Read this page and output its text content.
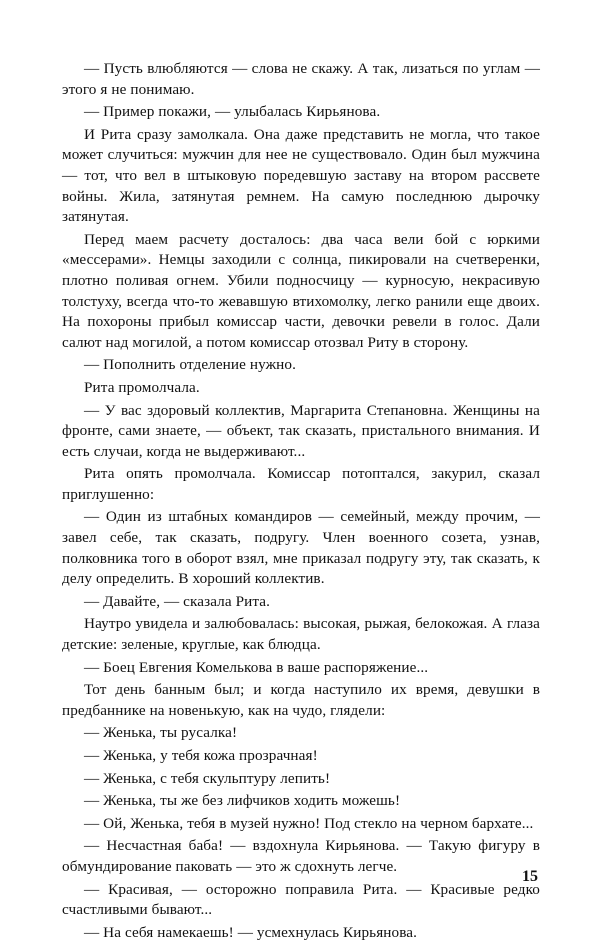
— Пусть влюбляются — слова не скажу. А так, лизаться по углам — этого я не понимаю.

— Пример покажи, — улыбалась Кирьянова.

И Рита сразу замолкала. Она даже представить не могла, что такое может случиться: мужчин для нее не существовало. Один был мужчина — тот, что вел в штыковую поредевшую заставу на втором рассвете войны. Жила, затянутая ремнем. На самую последнюю дырочку затянутая.

Перед маем расчету досталось: два часа вели бой с юркими «мессерами». Немцы заходили с солнца, пикировали на счетверенки, плотно поливая огнем. Убили подносчицу — курносую, некрасивую толстуху, всегда что-то жевавшую втихомолку, легко ранили еще двоих. На похороны прибыл комиссар части, девочки ревели в голос. Дали салют над могилой, а потом комиссар отозвал Риту в сторону.

— Пополнить отделение нужно.

Рита промолчала.

— У вас здоровый коллектив, Маргарита Степановна. Женщины на фронте, сами знаете, — объект, так сказать, пристального внимания. И есть случаи, когда не выдерживают...

Рита опять промолчала. Комиссар потоптался, закурил, сказал приглушенно:

— Один из штабных командиров — семейный, между прочим, — завел себе, так сказать, подругу. Член военного созета, узнав, полковника того в оборот взял, мне приказал подругу эту, так сказать, к делу определить. В хороший коллектив.

— Давайте, — сказала Рита.

Наутро увидела и залюбовалась: высокая, рыжая, белокожая. А глаза детские: зеленые, круглые, как блюдца.

— Боец Евгения Комелькова в ваше распоряжение...

Тот день банным был; и когда наступило их время, девушки в предбаннике на новенькую, как на чудо, глядели:

— Женька, ты русалка!

— Женька, у тебя кожа прозрачная!

— Женька, с тебя скульптуру лепить!

— Женька, ты же без лифчиков ходить можешь!

— Ой, Женька, тебя в музей нужно! Под стекло на черном бархате...

— Несчастная баба! — вздохнула Кирьянова. — Такую фигуру в обмундирование паковать — это ж сдохнуть легче.

— Красивая, — осторожно поправила Рита. — Красивые редко счастливыми бывают...

— На себя намекаешь! — усмехнулась Кирьянова.

15
